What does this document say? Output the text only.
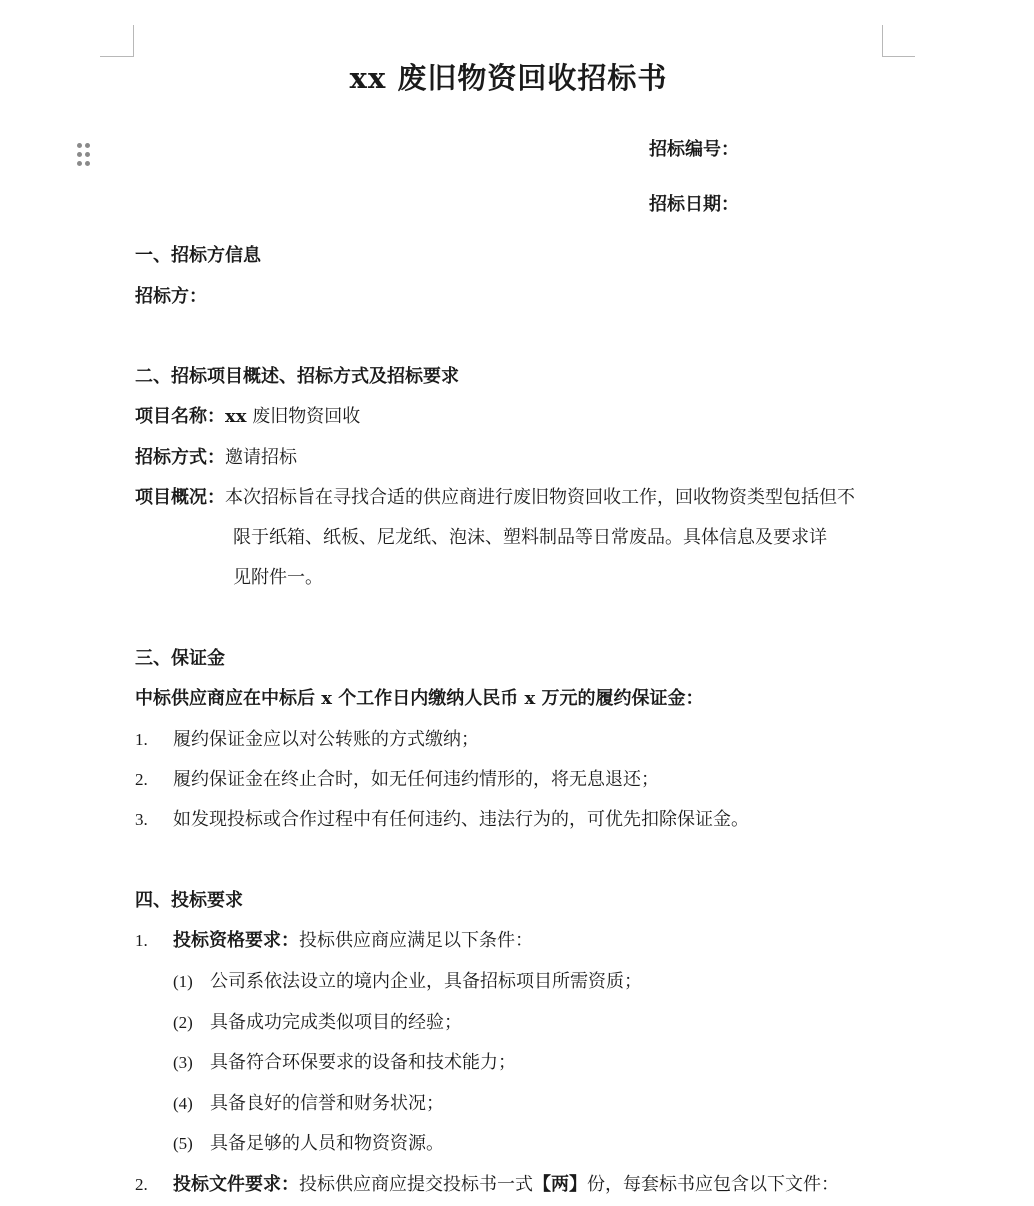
xx 废旧物资回收招标书
招标编号：
招标日期：
一、招标方信息
招标方：
二、招标项目概述、招标方式及招标要求
项目名称：xx 废旧物资回收
招标方式：邀请招标
项目概况：本次招标旨在寻找合适的供应商进行废旧物资回收工作，回收物资类型包括但不
限于纸箱、纸板、尼龙纸、泡沫、塑料制品等日常废品。具体信息及要求详
见附件一。
三、保证金
中标供应商应在中标后 x 个工作日内缴纳人民币 x 万元的履约保证金：
1. 履约保证金应以对公转账的方式缴纳；
2. 履约保证金在终止合时，如无任何违约情形的，将无息退还；
3. 如发现投标或合作过程中有任何违约、违法行为的，可优先扣除保证金。
四、投标要求
1. 投标资格要求：投标供应商应满足以下条件：
(1) 公司系依法设立的境内企业，具备招标项目所需资质；
(2) 具备成功完成类似项目的经验；
(3) 具备符合环保要求的设备和技术能力；
(4) 具备良好的信誉和财务状况；
(5) 具备足够的人员和物资资源。
2. 投标文件要求：投标供应商应提交投标书一式【两】份，每套标书应包含以下文件：
